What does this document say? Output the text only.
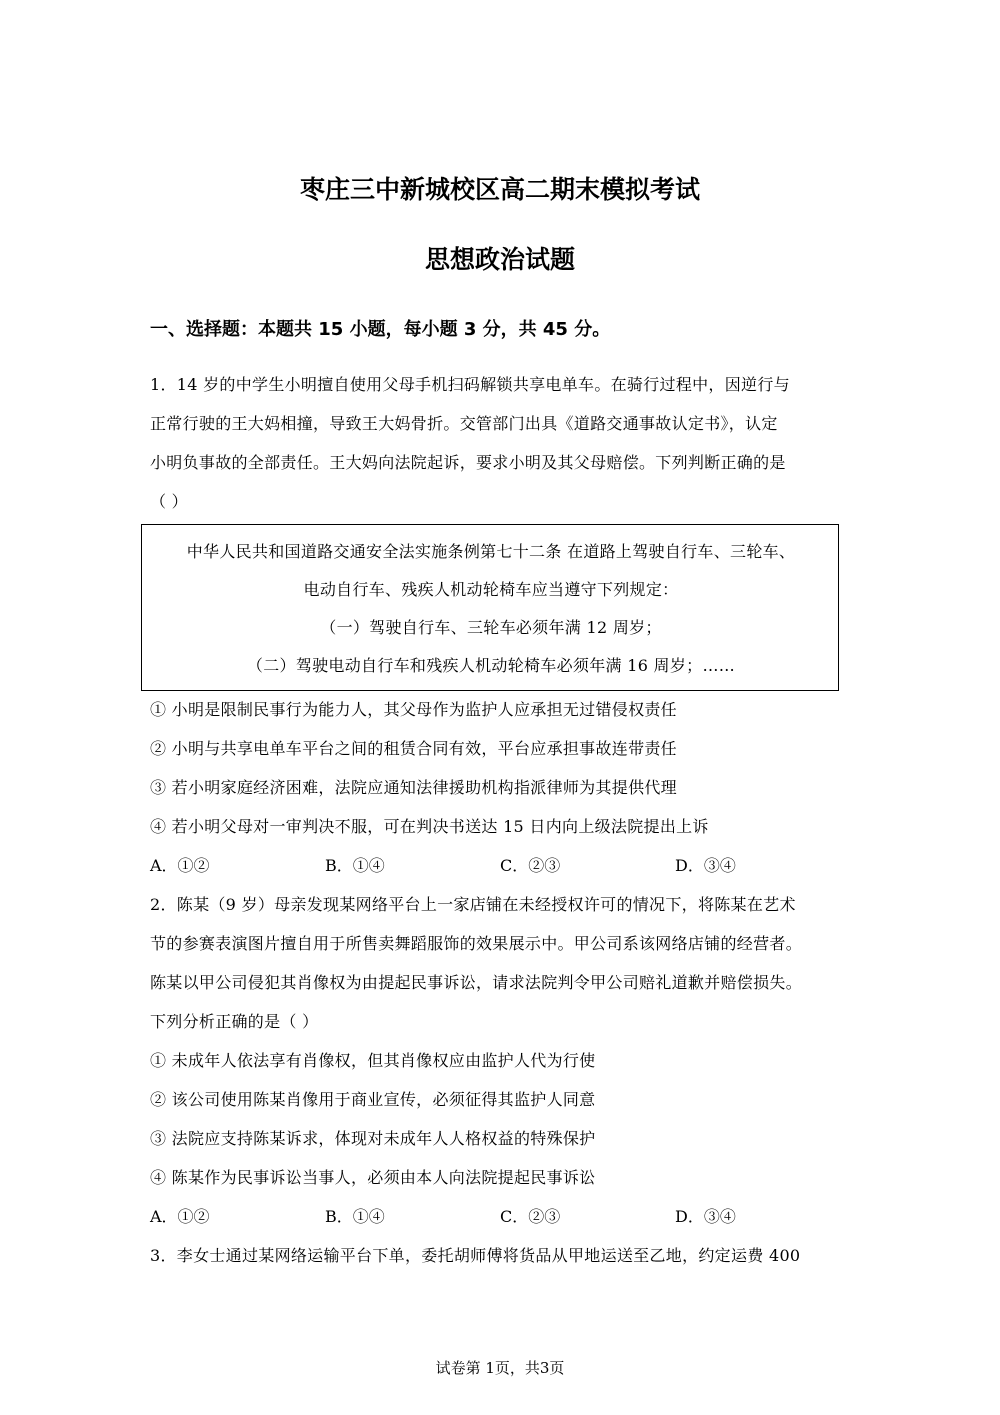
枣庄三中新城校区高二期末模拟考试
思想政治试题
一、选择题：本题共 15 小题，每小题 3 分，共 45 分。
1．14 岁的中学生小明擅自使用父母手机扫码解锁共享电单车。在骑行过程中，因逆行与
正常行驶的王大妈相撞，导致王大妈骨折。交管部门出具《道路交通事故认定书》，认定
小明负事故的全部责任。王大妈向法院起诉，要求小明及其父母赔偿。下列判断正确的是
（ ）
中华人民共和国道路交通安全法实施条例第七十二条 在道路上驾驶自行车、三轮车、
电动自行车、残疾人机动轮椅车应当遵守下列规定：
（一）驾驶自行车、三轮车必须年满 12 周岁；
（二）驾驶电动自行车和残疾人机动轮椅车必须年满 16 周岁；……
① 小明是限制民事行为能力人，其父母作为监护人应承担无过错侵权责任
② 小明与共享电单车平台之间的租赁合同有效，平台应承担事故连带责任
③ 若小明家庭经济困难，法院应通知法律援助机构指派律师为其提供代理
④ 若小明父母对一审判决不服，可在判决书送达 15 日内向上级法院提出上诉
A．①②	B．①④	C．②③	D．③④
2．陈某（9 岁）母亲发现某网络平台上一家店铺在未经授权许可的情况下，将陈某在艺术
节的参赛表演图片擅自用于所售卖舞蹈服饰的效果展示中。甲公司系该网络店铺的经营者。
陈某以甲公司侵犯其肖像权为由提起民事诉讼，请求法院判令甲公司赔礼道歉并赔偿损失。
下列分析正确的是（ ）
① 未成年人依法享有肖像权，但其肖像权应由监护人代为行使
② 该公司使用陈某肖像用于商业宣传，必须征得其监护人同意
③ 法院应支持陈某诉求，体现对未成年人人格权益的特殊保护
④ 陈某作为民事诉讼当事人，必须由本人向法院提起民事诉讼
A．①②	B．①④	C．②③	D．③④
3．李女士通过某网络运输平台下单，委托胡师傅将货品从甲地运送至乙地，约定运费 400
试卷第 1页，共3页
